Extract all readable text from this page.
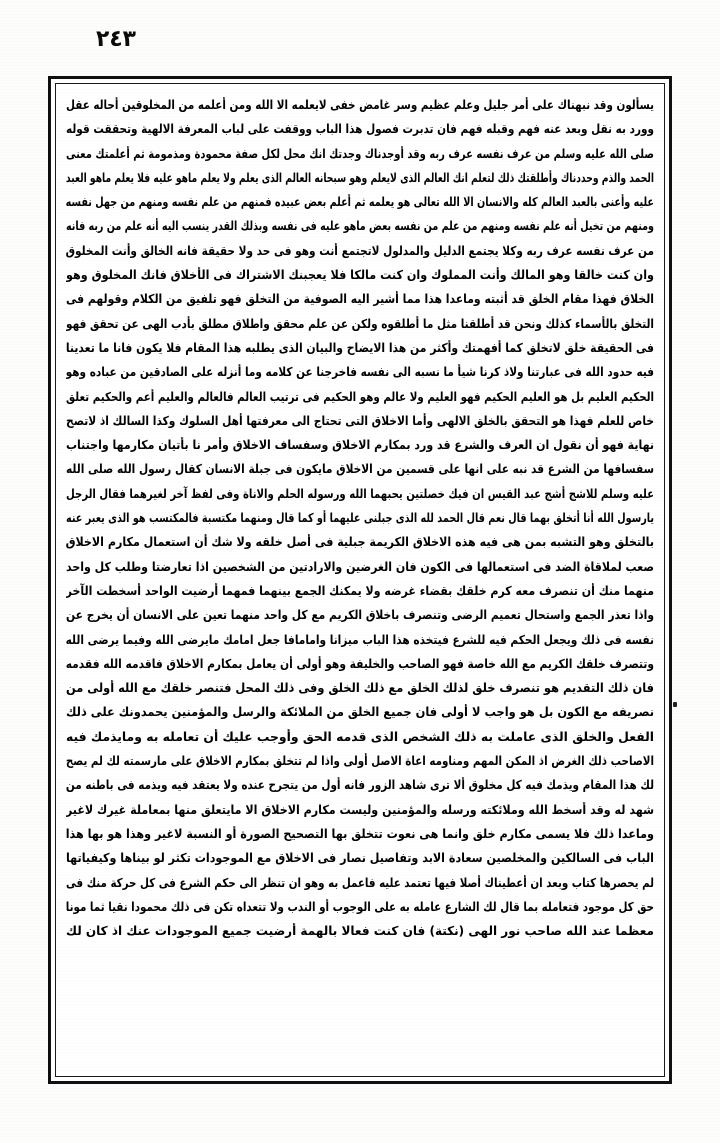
٢٤٣
يسألون وقد نبهناك على أمر جليل وعلم عظيم وسر غامض خفى لايعلمه الا الله ومن أعلمه من المخلوقين أحاله عقل
وورد به نقل وبعد عنه فهم وقبله فهم فان تدبرت فصول هذا الباب ووقفت على لباب المعرفة الالهية وتحققت قوله
صلى الله عليه وسلم من عرف نفسه عرف ربه وقد أوجدناك وجدتك انك محل لكل صفة محمودة ومذمومة ثم أعلمتك معنى
الحمد والذم وحددناك وأطلقتك ذلك لتعلم انك العالم الذى لايعلم وهو سبحانه العالم الذى يعلم ولا يعلم ماهو عليه فلا يعلم ماهو العبد
عليه وأعنى بالعبد العالم كله والانسان الا الله تعالى هو يعلمه ثم أعلم بعض عبيده فمنهم من علم نفسه ومنهم من جهل نفسه
ومنهم من تخيل أنه علم نفسه ومنهم من علم من نفسه بعض ماهو عليه فى نفسه وبذلك القدر ينسب اليه أنه علم من ربه فانه
من عرف نفسه عرف ربه وكلا يجتمع الدليل والمدلول لاتجتمع أنت وهو فى حد ولا حقيقة فانه الخالق وأنت المخلوق
وان كنت خالقا وهو المالك وأنت المملوك وان كنت مالكا فلا يعجبنك الاشتراك فى الأخلاق فانك المخلوق وهو
الخلاق فهذا مقام الخلق قد أثبته وماعدا هذا مما أشير اليه الصوفية من التخلق فهو تلفيق من الكلام وقولهم فى
التخلق بالأسماء كذلك ونحن قد أطلقنا مثل ما أطلقوه ولكن عن علم محقق واطلاق مطلق بأدب الهى عن تحقق فهو
فى الحقيقة خلق لاتخلق كما أفهمتك وأكثر من هذا الايضاح والبيان الذى يطلبه هذا المقام فلا يكون فانا ما تعدينا
فيه حدود الله فى عبارتنا ولاذ كرنا شيأ ما نسبه الى نفسه فاخرجنا عن كلامه وما أنزله على الصادقين من عباده وهو
الحكيم العليم بل هو العليم الحكيم فهو العليم ولا عالم وهو الحكيم فى ترتيب العالم فالعالم والعليم أعم والحكيم تعلق
خاص للعلم فهذا هو التحقق بالخلق الالهى وأما الاخلاق التى تحتاج الى معرفتها أهل السلوك وكذا السالك اذ لاتصح
نهاية فهو أن نقول ان العرف والشرع قد ورد بمكارم الاخلاق وسفساف الاخلاق وأمر نا بأتيان مكارمها واجتناب
سفسافها من الشرع قد نبه على انها على قسمين من الاخلاق مايكون فى جبلة الانسان كقال رسول الله صلى الله
عليه وسلم للاشج أشج عبد القيس ان فيك خصلتين يحبهما الله ورسوله الحلم والاناة وفى لفظ آخر لغيرهما فقال الرجل
يارسول الله أنا أتخلق بهما قال نعم قال الحمد لله الذى جبلنى عليهما أو كما قال ومنهما مكتسبة فالمكتسب هو الذى يعبر عنه
بالتخلق وهو التشبه بمن هى فيه هذه الاخلاق الكريمة جبلية فى أصل خلقه ولا شك أن استعمال مكارم الاخلاق
صعب لملاقاة الضد فى استعمالها فى الكون فان الغرضين والارادتين من الشخصين اذا تعارضتا وطلب كل واحد
منهما منك أن تنصرف معه كرم خلقك بقضاء غرضه ولا يمكنك الجمع بينهما فمهما أرضيت الواحد أسخطت الآخر
واذا تعذر الجمع واستحال تعميم الرضى وتنصرف باخلاق الكريم مع كل واحد منهما تعين على الانسان أن يخرج عن
نفسه فى ذلك ويجعل الحكم فيه للشرع فيتخذه هذا الباب ميزانا وامامافا جعل امامك مايرضى الله وفيما يرضى الله
وتتصرف خلقك الكريم مع الله خاصة فهو الصاحب والخليفة وهو أولى أن يعامل بمكارم الاخلاق فاقدمه الله فقدمه
فان ذلك التقديم هو تنصرف خلق لذلك الخلق مع ذلك الخلق وفى ذلك المحل فتنصر خلقك مع الله أولى من
نصريفه مع الكون بل هو واجب لا أولى فان جميع الخلق من الملائكة والرسل والمؤمنين يحمدونك على ذلك
الفعل والخلق الذى عاملت به ذلك الشخص الذى قدمه الحق وأوجب عليك أن تعامله به ومايذمك فيه
الاصاحب ذلك الغرض اذ المكن المهم ومناومه اعاة الاصل أولى واذا لم تتخلق بمكارم الاخلاق على مارسمته لك لم يصح
لك هذا المقام ويذمك فيه كل مخلوق ألا ترى شاهد الزور فانه أول من يتجرح عنده ولا يعتقد فيه ويذمه فى باطنه من
شهد له وقد أسخط الله وملائكته ورسله والمؤمنين وليست مكارم الاخلاق الا مايتعلق منها بمعاملة غيرك لاغير
وماعدا ذلك فلا يسمى مكارم خلق وانما هى نعوت تتخلق بها التصحيح الصورة أو النسبة لاغير وهذا هو بها هذا
الباب فى السالكين والمخلصين سعادة الابد وتفاصيل نصار فى الاخلاق مع الموجودات تكثر لو بيناها وكيفياتها
لم يحصرها كتاب وبعد ان أعطيناك أصلا فيها تعتمد عليه فاعمل به وهو ان تنظر الى حكم الشرع فى كل حركة منك فى
حق كل موجود فتعامله بما قال لك الشارع عامله به على الوجوب أو الندب ولا تتعداه تكن فى ذلك محمودا نقيا ثما مونا
معظما عند الله صاحب نور الهى (نكتة) فان كنت فعالا بالهمة أرضيت جميع الموجودات عنك اذ كان لك
